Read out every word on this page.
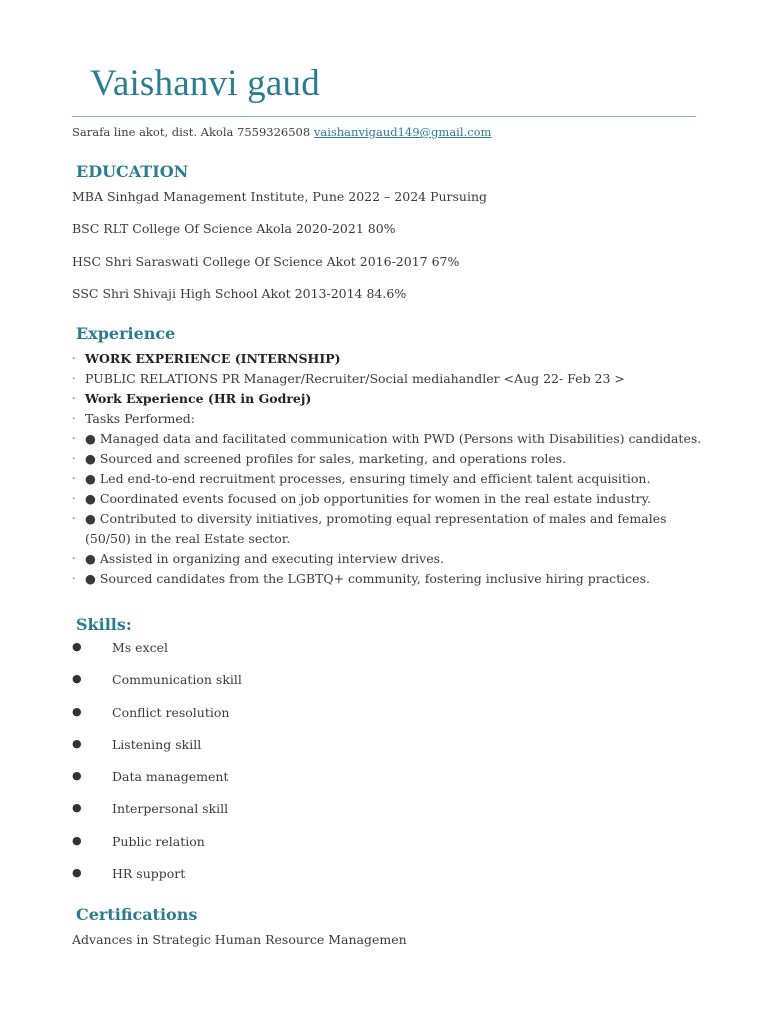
Vaishanvi gaud
Sarafa line akot, dist. Akola 7559326508 vaishanvigaud149@gmail.com
EDUCATION
MBA Sinhgad Management Institute, Pune 2022 – 2024 Pursuing
BSC RLT College Of Science Akola 2020-2021 80%
HSC Shri Saraswati College Of Science Akot 2016-2017 67%
SSC Shri Shivaji High School Akot 2013-2014 84.6%
Experience
· WORK EXPERIENCE (INTERNSHIP)
· PUBLIC RELATIONS PR Manager/Recruiter/Social mediahandler <Aug 22- Feb 23 >
· Work Experience (HR in Godrej)
· Tasks Performed:
· ● Managed data and facilitated communication with PWD (Persons with Disabilities) candidates.
· ● Sourced and screened profiles for sales, marketing, and operations roles.
· ● Led end-to-end recruitment processes, ensuring timely and efficient talent acquisition.
· ● Coordinated events focused on job opportunities for women in the real estate industry.
· ● Contributed to diversity initiatives, promoting equal representation of males and females (50/50) in the real Estate sector.
· ● Assisted in organizing and executing interview drives.
· ● Sourced candidates from the LGBTQ+ community, fostering inclusive hiring practices.
Skills:
● Ms excel
● Communication skill
● Conflict resolution
● Listening skill
● Data management
● Interpersonal skill
● Public relation
● HR support
Certifications
Advances in Strategic Human Resource Managemen
